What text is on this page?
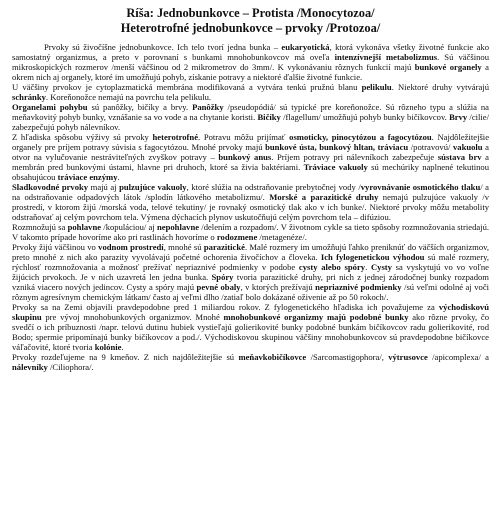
Ríša: Jednobunkovce – Protista /Monocytozoa/
Heterotrofné jednobunkovce – prvoky /Protozoa/

Prvoky sú živočíšne jednobunkovce. Ich telo tvorí jedna bunka – eukaryotická, ktorá vykonáva všetky životné funkcie ako samostatný organizmus, a preto v porovnaní s bunkami mnohobunkovcov má oveľa intenzívnejší metabolizmus. Sú väčšinou mikroskopických rozmerov /menší väčšinou od 2 mikrometrov do 3mm/. K vykonávaniu rôznych funkcií majú bunkové organely a okrem nich aj organely, ktoré im umožňujú pohyb, získanie potravy a niektoré ďalšie životné funkcie.

U väčšiny prvokov je cytoplazmatická membrána modifikovaná a vytvára tenkú pružnú blanu pelikulu. Niektoré druhy vytvárajú schránky. Koreňonožce nemajú na povrchu tela pelikulu.

Organelami pohybu sú panôžky, bičíky a brvy. Panôžky /pseudopódiá/ sú typické pre koreňonožce. Sú rôzneho typu a slúžia na meňavkovitý pohyb bunky, vznášanie sa vo vode a na chytanie koristi. Bičíky /flagellum/ umožňujú pohyb bunky bičíkovcov. Brvy /cilie/ zabezpečujú pohyb nálevníkov.

Z hľadiska spôsobu výživy sú prvoky heterotrofné. Potravu môžu prijímať osmoticky, pinocytózou a fagocytózou. Najdôležitejšie organely pre príjem potravy súvisia s fagocytózou. Mnohé prvoky majú bunkové ústa, bunkový hltan, tráviacu /potravovú/ vakuolu a otvor na vylučovanie nestráviteľných zvyškov potravy – bunkový anus. Príjem potravy pri nálevníkoch zabezpečuje sústava brv a membrán pred bunkovými ústami, hlavne pri druhoch, ktoré sa živia baktériami. Tráviace vakuoly sú mechúriky naplnené tekutinou obsahujúcou tráviace enzýmy.

Sladkovodné prvoky majú aj pulzujúce vakuoly, ktoré slúžia na odstraňovanie prebytočnej vody /vyrovnávanie osmotického tlaku/ a na odstraňovanie odpadových látok /splodín látkového metabolizmu/. Morské a parazitické druhy nemajú pulzujúce vakuoly /v prostredí, v ktorom žijú /morská voda, telové tekutiny/ je rovnaký osmotický tlak ako v ich bunke/. Niektoré prvoky môžu metabolity odstraňovať aj celým povrchom tela. Výmena dýchacích plynov uskutočňujú celým povrchom tela – difúziou.

Rozmnožujú sa pohlavne /kopuláciou/ aj nepohlavne /delením a rozpadom/. V životnom cykle sa tieto spôsoby rozmnožovania striedajú. V takomto prípade hovoríme ako pri rastlinách hovoríme o rodozmene /metagenéze/.

Prvoky žijú väčšinou vo vodnom prostredí, mnohé sú parazitické. Malé rozmery im umožňujú ľahko preniknúť do väčších organizmov, preto mnohé z nich ako parazity vyvolávajú početné ochorenia živočíchov a človeka. Ich fylogenetickou výhodou sú malé rozmery, rýchlosť rozmnožovania a možnosť prežívať nepriaznivé podmienky v podobe cysty alebo spóry. Cysty sa vyskytujú vo vo voľne žijúcich prvokoch. Je v nich uzavretá len jedna bunka. Spóry tvoria parazitické druhy, pri nich z jednej zárodočnej bunky rozpadom vzniká viacero nových jedincov. Cysty a spóry majú pevné obaly, v ktorých prežívajú nepriaznivé podmienky /sú veľmi odolné aj voči rôznym agresívnym chemickým látkam/ často aj veľmi dlho /zatiaľ bolo dokázané oživenie až po 50 rokoch/.

Prvoky sa na Zemi objavili pravdepodobne pred 1 miliardou rokov. Z fylogenetického hľadiska ich považujeme za východiskovú skupinu pre vývoj mnohobunkových organizmov. Mnohé mnohobunkové organizmy majú podobné bunky ako rôzne prvoky, čo svedčí o ich príbuznosti /napr. telovú dutinu hubiek vystieľajú golierikovité bunky podobné bunkám bičíkovcov radu golierikovité, rod Bodo; spermie pripomínajú bunky bičíkovcov a pod./. Východiskovou skupinou väčšiny mnohobunkovcov sú pravdepodobne bičíkovce váľačovité, ktoré tvoria kolónie.

Prvoky rozdeľujeme na 9 kmeňov. Z nich najdôležitejšie sú meňavkobičíkovce /Sarcomastigophora/, výtrusovce /apicomplexa/ a nálevníky /Ciliophora/.
